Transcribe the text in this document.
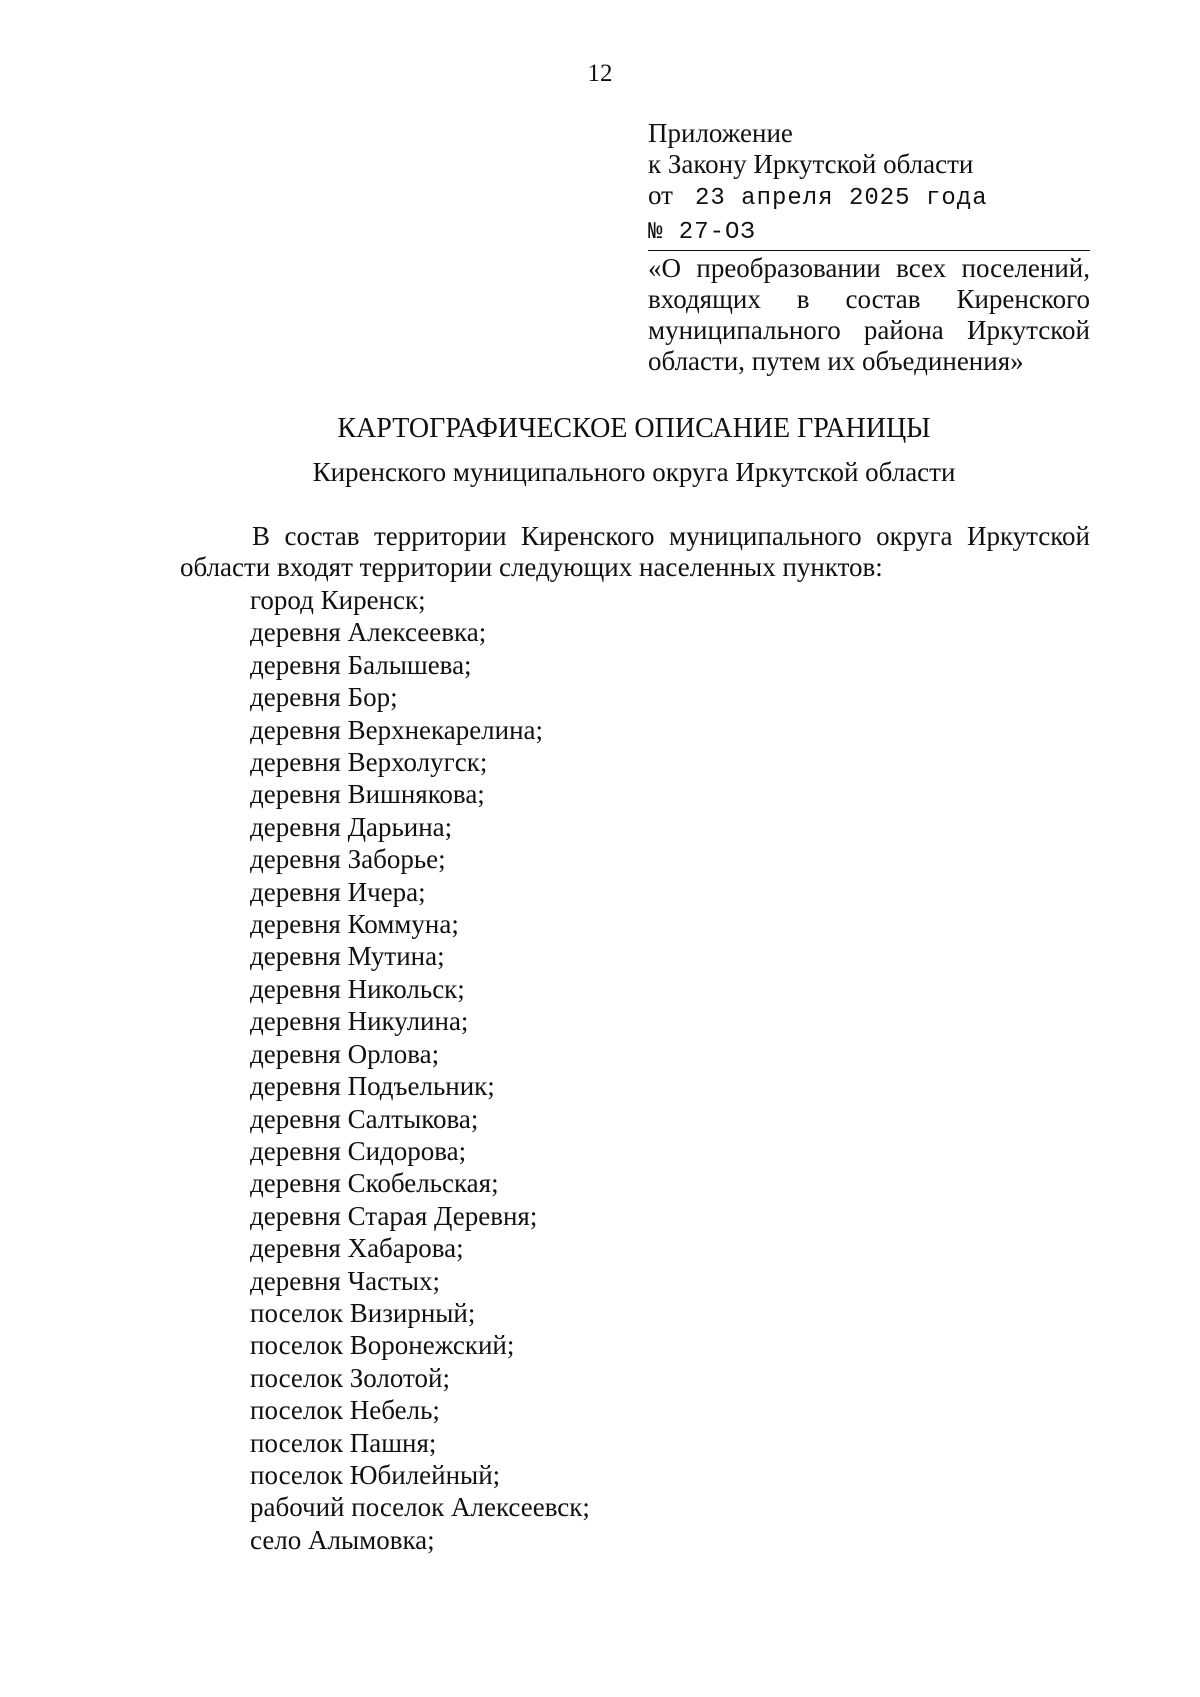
12
Приложение
к Закону Иркутской области
от 23 апреля 2025 года
№ 27-ОЗ
«О преобразовании всех поселений, входящих в состав Киренского муниципального района Иркутской области, путем их объединения»
КАРТОГРАФИЧЕСКОЕ ОПИСАНИЕ ГРАНИЦЫ
Киренского муниципального округа Иркутской области
В состав территории Киренского муниципального округа Иркутской области входят территории следующих населенных пунктов:
город Киренск;
деревня Алексеевка;
деревня Балышева;
деревня Бор;
деревня Верхнекарелина;
деревня Верхолугск;
деревня Вишнякова;
деревня Дарьина;
деревня Заборье;
деревня Ичера;
деревня Коммуна;
деревня Мутина;
деревня Никольск;
деревня Никулина;
деревня Орлова;
деревня Подъельник;
деревня Салтыкова;
деревня Сидорова;
деревня Скобельская;
деревня Старая Деревня;
деревня Хабарова;
деревня Частых;
поселок Визирный;
поселок Воронежский;
поселок Золотой;
поселок Небель;
поселок Пашня;
поселок Юбилейный;
рабочий поселок Алексеевск;
село Алымовка;
